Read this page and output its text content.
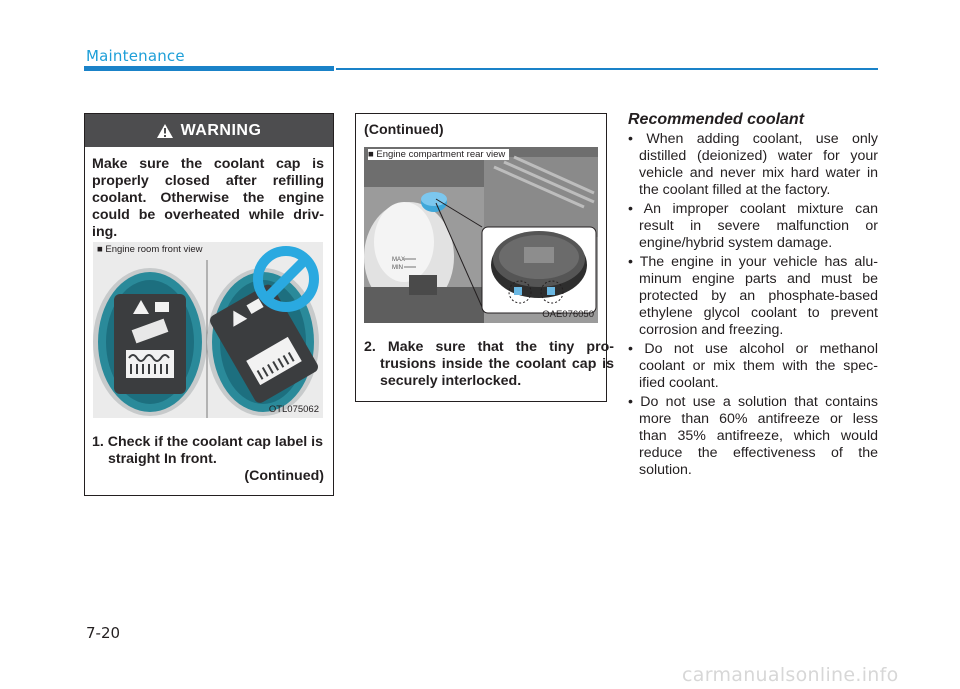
Maintenance
WARNING
Make sure the coolant cap is properly closed after refilling coolant. Otherwise the engine could be overheated while driv-ing.
■ Engine room front view
OTL075062
1. Check if the coolant cap label is straight In front.
(Continued)
(Continued)
MAX
MIN
■ Engine compartment rear view
OAE076050
2. Make sure that the tiny pro-trusions inside the coolant cap is securely interlocked.
Recommended coolant
• When adding coolant, use only distilled (deionized) water for your vehicle and never mix hard water in the coolant filled at the factory.
• An improper coolant mixture can result in severe malfunction or engine/hybrid system damage.
• The engine in your vehicle has alu-minum engine parts and must be protected by an phosphate-based ethylene glycol coolant to prevent corrosion and freezing.
• Do not use alcohol or methanol coolant or mix them with the spec-ified coolant.
• Do not use a solution that contains more than 60% antifreeze or less than 35% antifreeze, which would reduce the effectiveness of the solution.
7-20
carmanualsonline.info
